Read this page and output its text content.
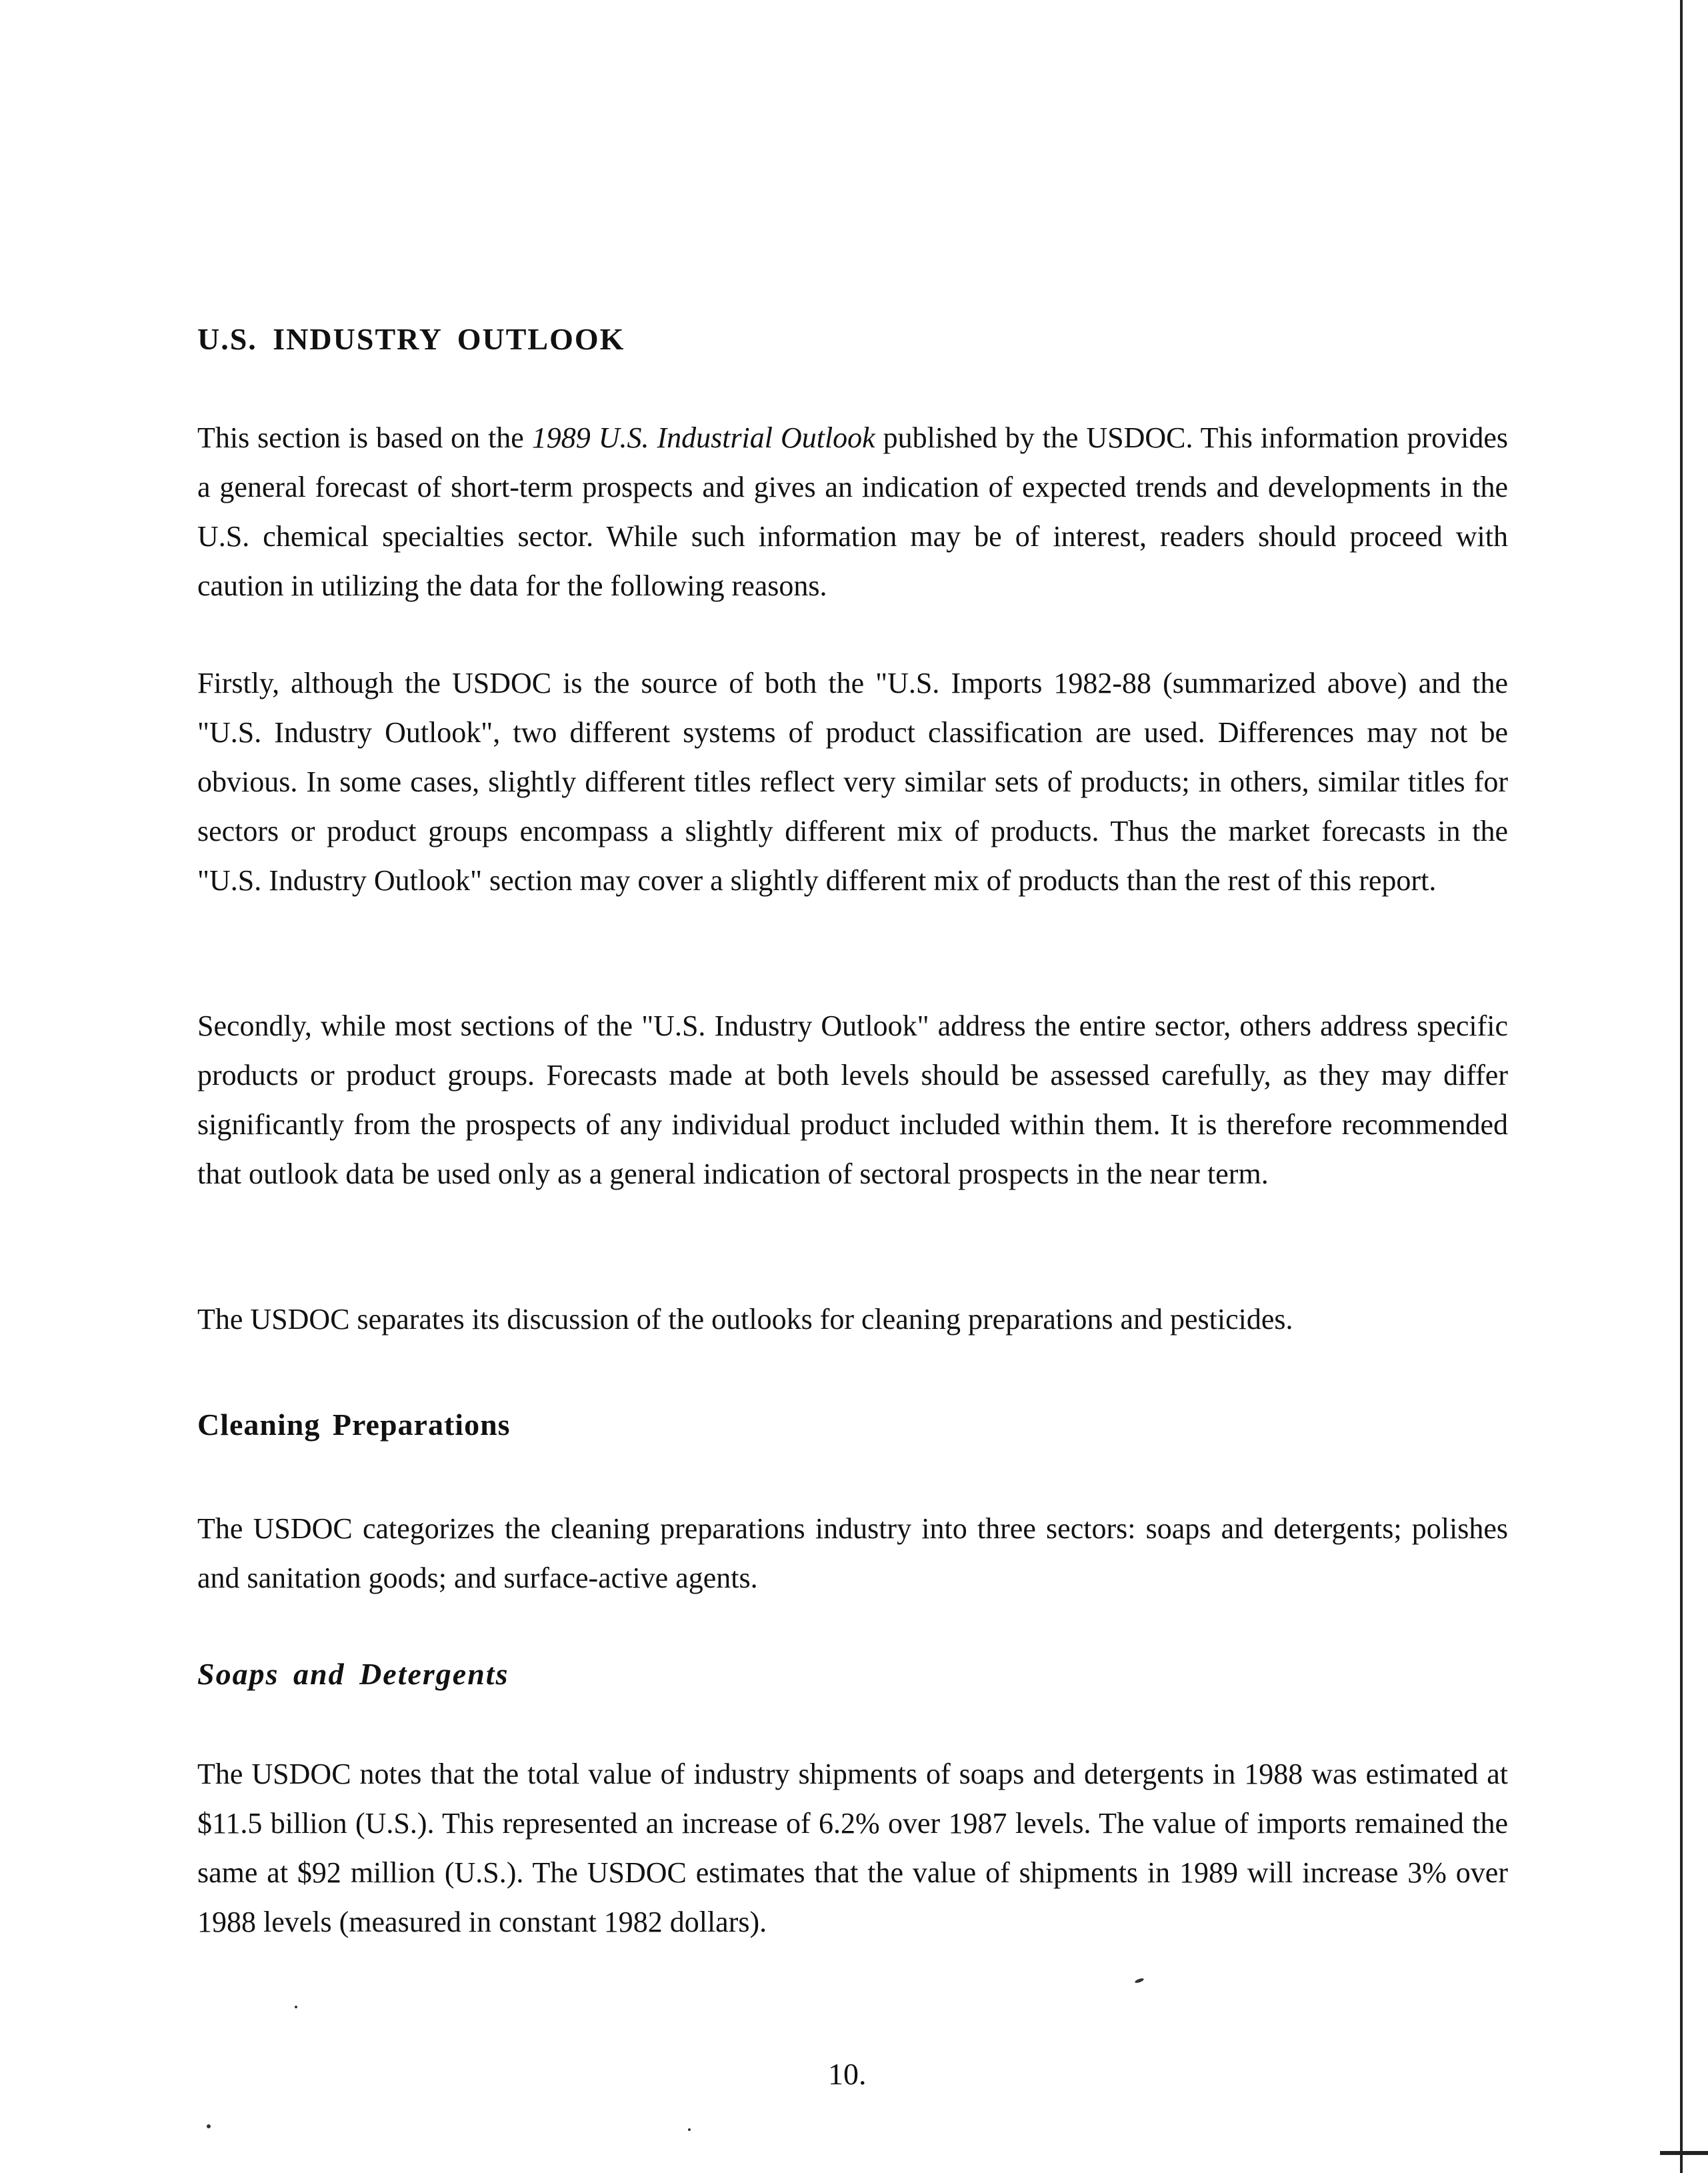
U.S. INDUSTRY OUTLOOK
This section is based on the 1989 U.S. Industrial Outlook published by the USDOC. This information provides a general forecast of short-term prospects and gives an indication of expected trends and developments in the U.S. chemical specialties sector. While such information may be of interest, readers should proceed with caution in utilizing the data for the following reasons.
Firstly, although the USDOC is the source of both the "U.S. Imports 1982-88 (summarized above) and the "U.S. Industry Outlook", two different systems of product classification are used. Differences may not be obvious. In some cases, slightly different titles reflect very similar sets of products; in others, similar titles for sectors or product groups encompass a slightly different mix of products. Thus the market forecasts in the "U.S. Industry Outlook" section may cover a slightly different mix of products than the rest of this report.
Secondly, while most sections of the "U.S. Industry Outlook" address the entire sector, others address specific products or product groups. Forecasts made at both levels should be assessed carefully, as they may differ significantly from the prospects of any individual product included within them. It is therefore recommended that outlook data be used only as a general indication of sectoral prospects in the near term.
The USDOC separates its discussion of the outlooks for cleaning preparations and pesticides.
Cleaning Preparations
The USDOC categorizes the cleaning preparations industry into three sectors: soaps and detergents; polishes and sanitation goods; and surface-active agents.
Soaps and Detergents
The USDOC notes that the total value of industry shipments of soaps and detergents in 1988 was estimated at $11.5 billion (U.S.). This represented an increase of 6.2% over 1987 levels. The value of imports remained the same at $92 million (U.S.). The USDOC estimates that the value of shipments in 1989 will increase 3% over 1988 levels (measured in constant 1982 dollars).
10.
